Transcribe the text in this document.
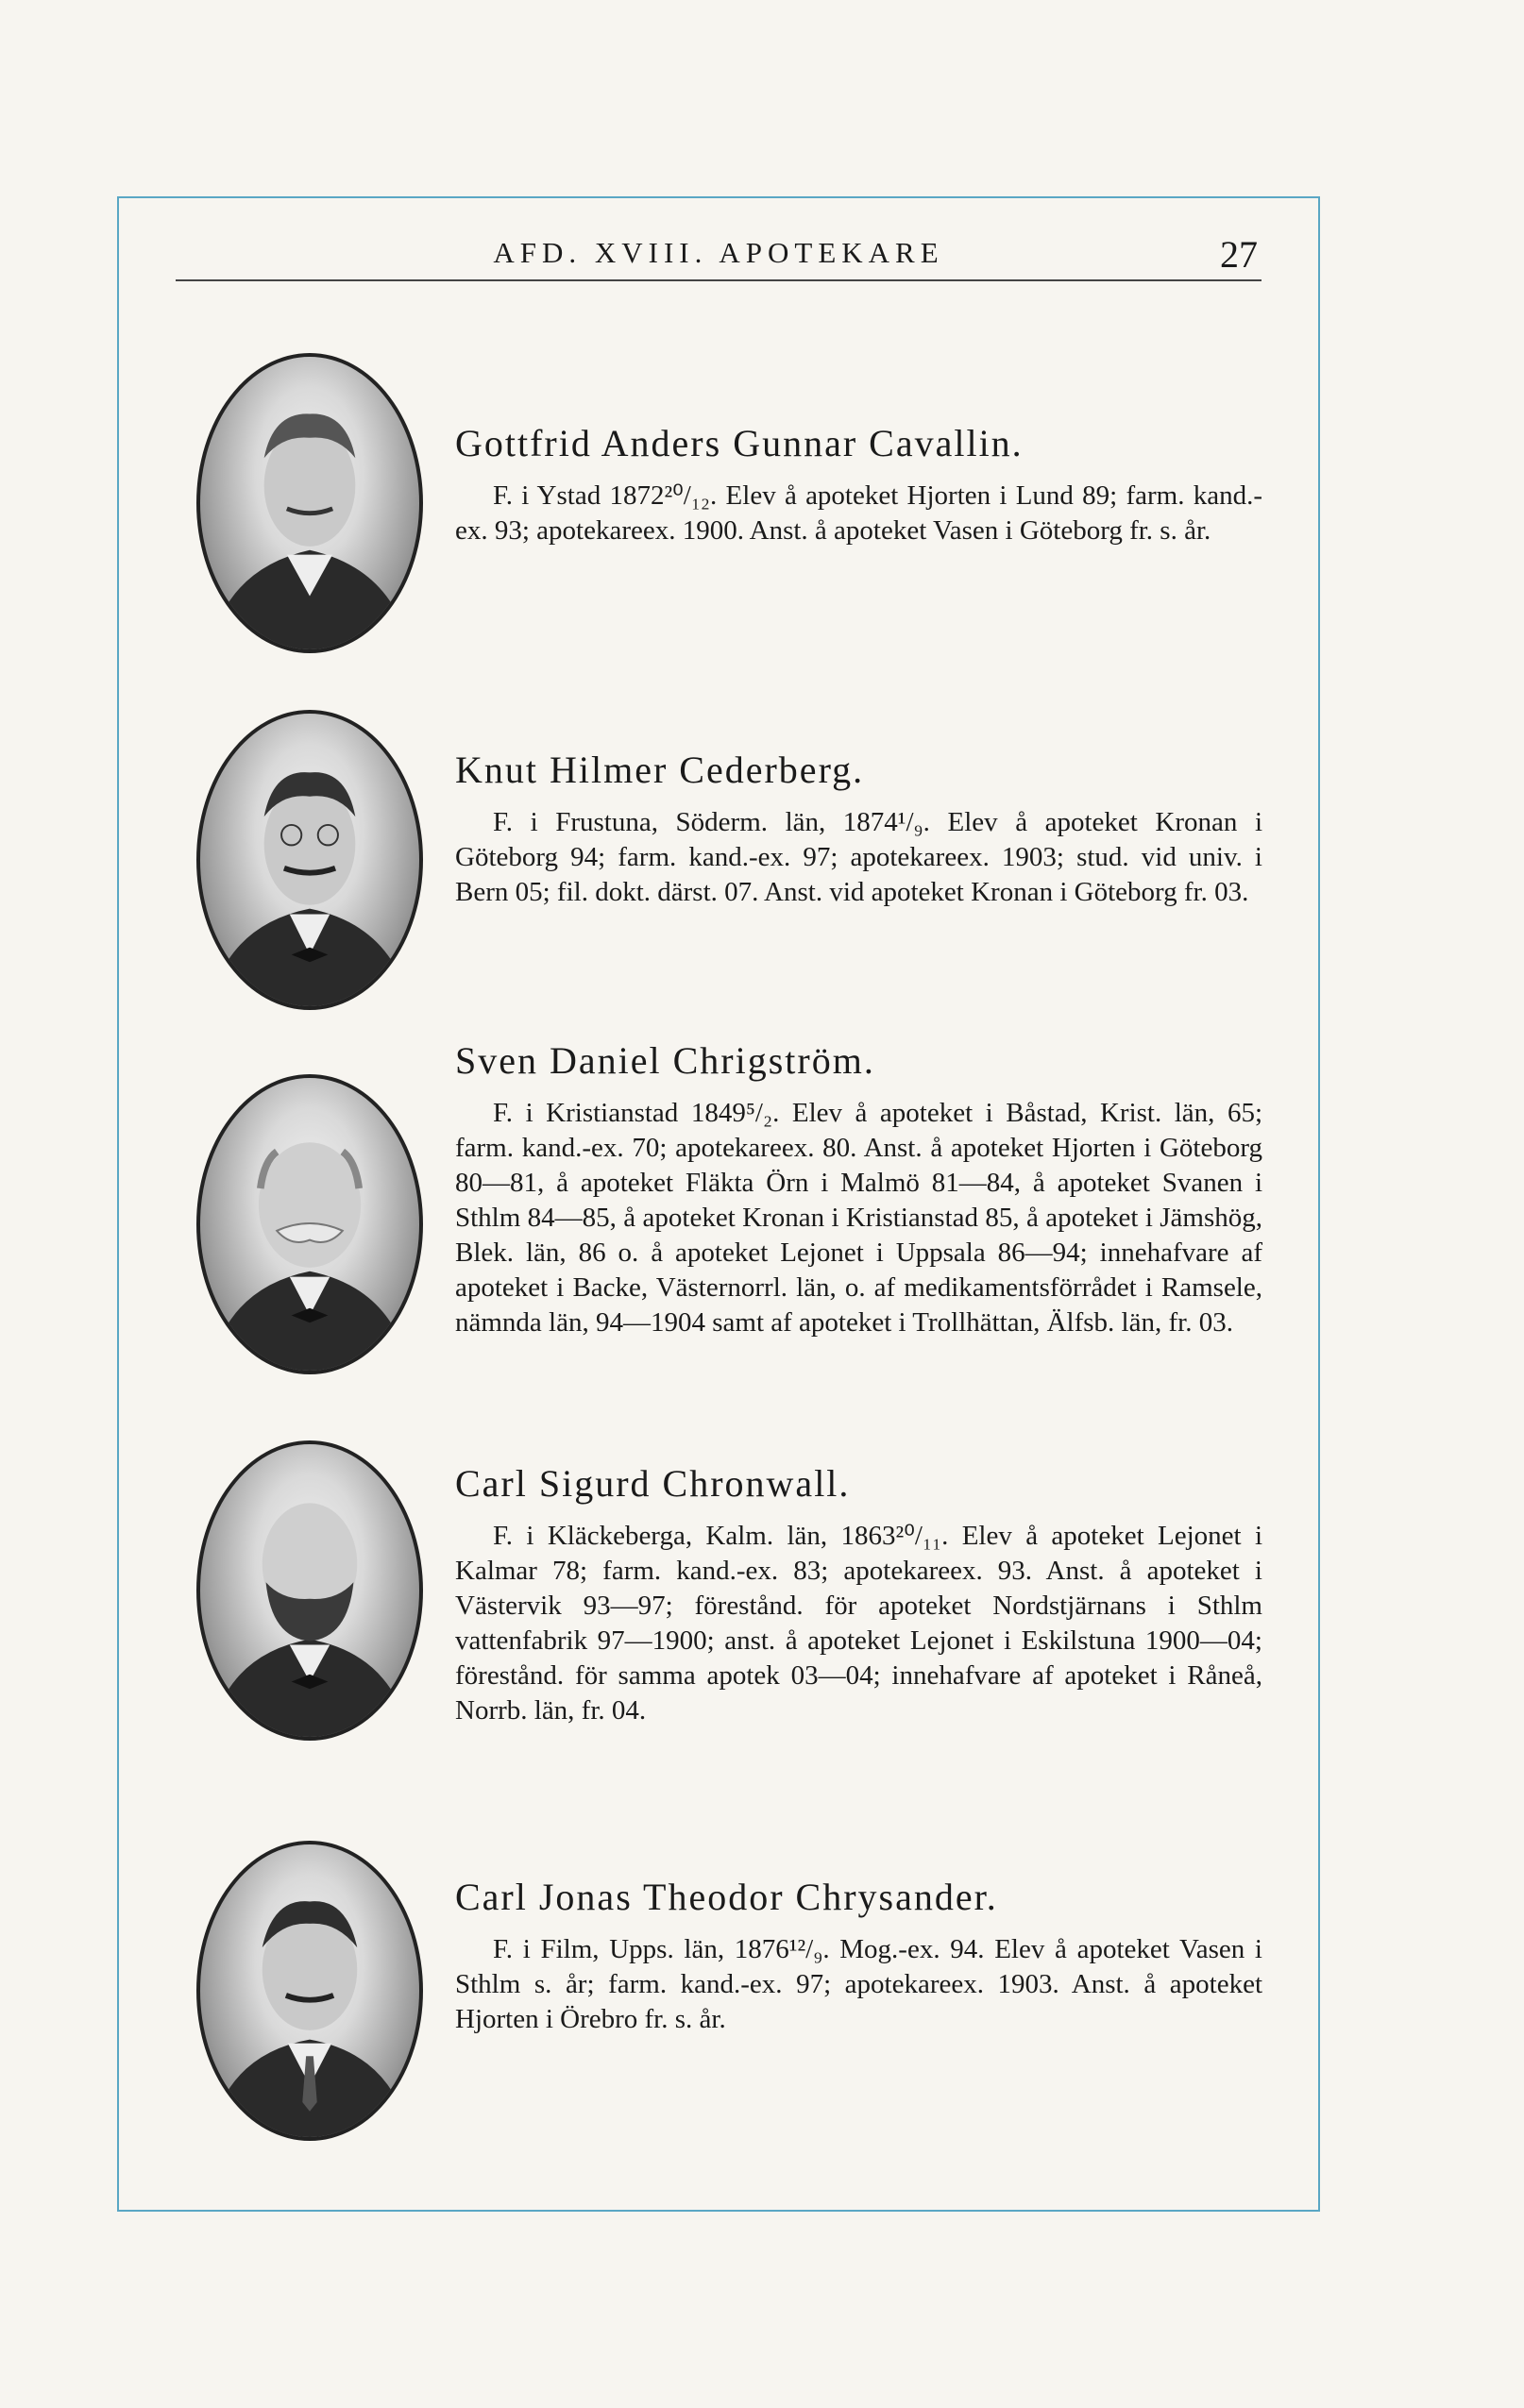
AFD. XVIII. APOTEKARE	27
Gottfrid Anders Gunnar Cavallin.

F. i Ystad 1872²⁰/₁₂. Elev å apoteket Hjorten i Lund 89; farm. kand.-ex. 93; apotekareex. 1900. Anst. å apoteket Vasen i Göteborg fr. s. år.

Knut Hilmer Cederberg.

F. i Frustuna, Söderm. län, 1874¹/₉. Elev å apoteket Kronan i Göteborg 94; farm. kand.-ex. 97; apotekareex. 1903; stud. vid univ. i Bern 05; fil. dokt. därst. 07. Anst. vid apoteket Kronan i Göteborg fr. 03.

Sven Daniel Chrigström.

F. i Kristianstad 1849⁵/₂. Elev å apoteket i Båstad, Krist. län, 65; farm. kand.-ex. 70; apotekareex. 80. Anst. å apoteket Hjorten i Göteborg 80—81, å apoteket Fläkta Örn i Malmö 81—84, å apoteket Svanen i Sthlm 84—85, å apoteket Kronan i Kristianstad 85, å apoteket i Jämshög, Blek. län, 86 o. å apoteket Lejonet i Uppsala 86—94; innehafvare af apoteket i Backe, Västernorrl. län, o. af medikamentsförrådet i Ramsele, nämnda län, 94—1904 samt af apoteket i Trollhättan, Älfsb. län, fr. 03.

Carl Sigurd Chronwall.

F. i Kläckeberga, Kalm. län, 1863²⁰/₁₁. Elev å apoteket Lejonet i Kalmar 78; farm. kand.-ex. 83; apotekareex. 93. Anst. å apoteket i Västervik 93—97; förestånd. för apoteket Nordstjärnans i Sthlm vattenfabrik 97—1900; anst. å apoteket Lejonet i Eskilstuna 1900—04; förestånd. för samma apotek 03—04; innehafvare af apoteket i Råneå, Norrb. län, fr. 04.

Carl Jonas Theodor Chrysander.

F. i Film, Upps. län, 1876¹²/₉. Mog.-ex. 94. Elev å apoteket Vasen i Sthlm s. år; farm. kand.-ex. 97; apotekareex. 1903. Anst. å apoteket Hjorten i Örebro fr. s. år.
